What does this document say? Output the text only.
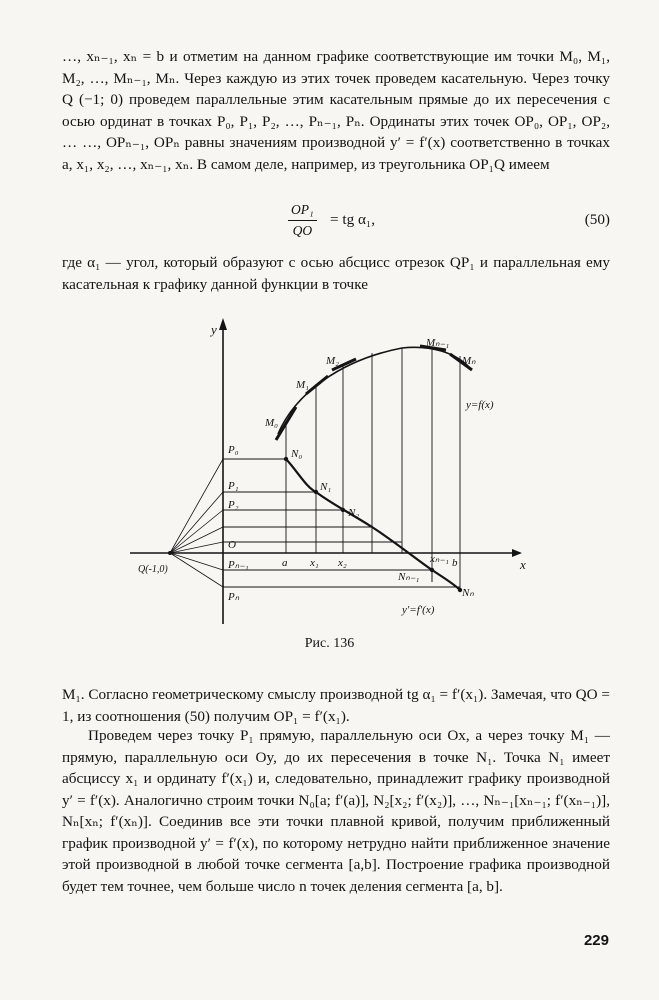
…, xₙ₋₁, xₙ = b и отметим на данном графике соответствующие им точки M₀, M₁, M₂, …, Mₙ₋₁, Mₙ. Через каждую из этих точек проведем касательную. Через точку Q (−1; 0) проведем параллельные этим касательным прямые до их пересечения с осью ординат в точках P₀, P₁, P₂, …, Pₙ₋₁, Pₙ. Ординаты этих точек OP₀, OP₁, OP₂, … …, OPₙ₋₁, OPₙ равны значениям производной y′ = f′(x) соответственно в точках a, x₁, x₂, …, xₙ₋₁, xₙ. В самом деле, например, из треугольника OP₁Q имеем

$\frac{\text{OP₁}}{QO}$ = tg α₁,	(50)

где α₁ — угол, который образуют с осью абсцисс отрезок QP₁ и параллельная ему касательная к графику данной функции в точке

y
x
O
Q(-1,0)
y=f(x)
y′=f′(x)
M₀
M₁
M₂
Mₙ₋₁
Mₙ
N₀
N₁
N₂
Nₙ₋₁
Nₙ
P₀
P₁
P₂
Pₙ₋₁
Pₙ
a x₁ x₂	xₙ₋₁ b
Рис. 136

M₁. Согласно геометрическому смыслу производной tg α₁ = f′(x₁). Замечая, что QO = 1, из соотношения (50) получим OP₁ = f′(x₁).

Проведем через точку P₁ прямую, параллельную оси Ox, а через точку M₁ — прямую, параллельную оси Oy, до их пересечения в точке N₁. Точка N₁ имеет абсциссу x₁ и ординату f′(x₁) и, следовательно, принадлежит графику производной y′ = f′(x). Аналогично строим точки N₀[a; f′(a)], N₂[x₂; f′(x₂)], …, Nₙ₋₁[xₙ₋₁; f′(xₙ₋₁)], Nₙ[xₙ; f′(xₙ)]. Соединив все эти точки плавной кривой, получим приближенный график производной y′ = f′(x), по которому нетрудно найти приближенное значение этой производной в любой точке сегмента [a,b]. Построение графика производной будет тем точнее, чем больше число n точек деления сегмента [a, b].

229
